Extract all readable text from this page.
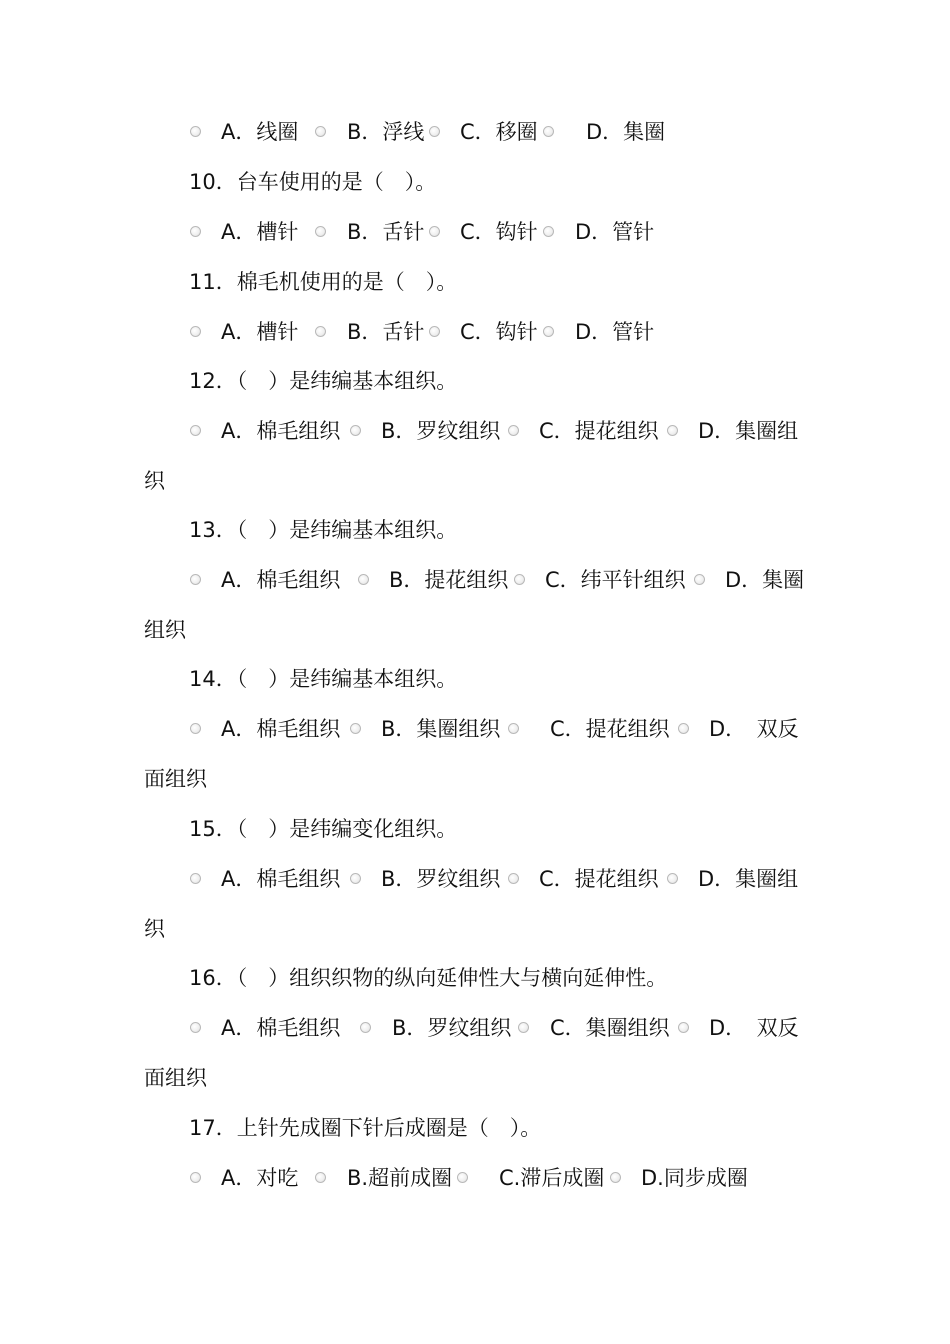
A．线圈 B．浮线 C．移圈 D．集圈
10．台车使用的是（　）。
A．槽针 B．舌针 C．钩针 D．管针
11．棉毛机使用的是（　）。
A．槽针 B．舌针 C．钩针 D．管针
12．（　）是纬编基本组织。
A．棉毛组织 B．罗纹组织 C．提花组织 D．集圈组
织
13．（　）是纬编基本组织。
A．棉毛组织 B．提花组织 C．纬平针组织 D．集圈
组织
14．（　）是纬编基本组织。
A．棉毛组织 B．集圈组织 C．提花组织 D．　双反
面组织
15．（　）是纬编变化组织。
A．棉毛组织 B．罗纹组织 C．提花组织 D．集圈组
织
16．（　）组织织物的纵向延伸性大与横向延伸性。
A．棉毛组织 B．罗纹组织 C．集圈组织 D．　双反
面组织
17．上针先成圈下针后成圈是（　）。
A．对吃 B.超前成圈 C.滞后成圈 D.同步成圈
